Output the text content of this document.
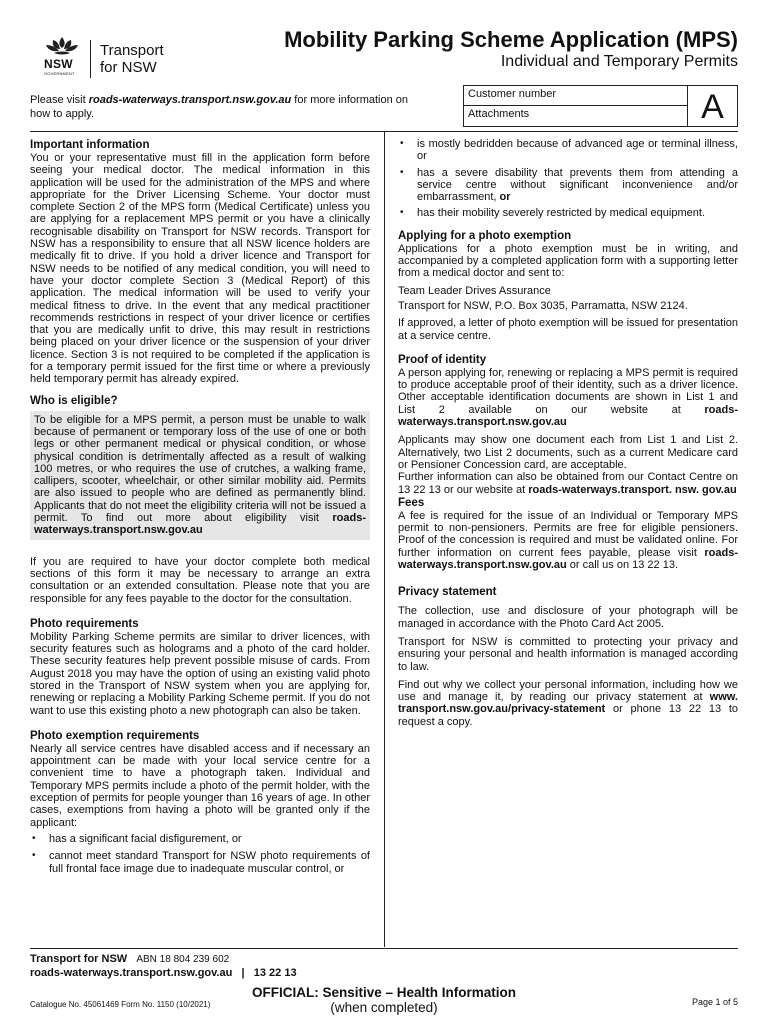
NSW
GOVERNMENT
Transport
for NSW
Mobility Parking Scheme Application (MPS)
Individual and Temporary Permits
Please visit roads-waterways.transport.nsw.gov.au for more information on how to apply.
Customer number
Attachments	A
Important information

You or your representative must fill in the application form before seeing your medical doctor. The medical information in this application will be used for the administration of the MPS and where appropriate for the Driver Licensing Scheme. Your doctor must complete Section 2 of the MPS form (Medical Certificate) unless you are applying for a replacement MPS permit or you have a clinically recognisable disability on Transport for NSW records. Transport for NSW has a responsibility to ensure that all NSW licence holders are medically fit to drive. If you hold a driver licence and Transport for NSW needs to be notified of any medical condition, you will need to have your doctor complete Section 3 (Medical Report) of this application. The medical information will be used to verify your medical fitness to drive. In the event that any medical practitioner recommends restrictions in respect of your driver licence or certifies that you are medically unfit to drive, this may result in restrictions being placed on your driver licence or the suspension of your driver licence. Section 3 is not required to be completed if the application is for a temporary permit issued for the first time or where a previously held temporary permit has already expired.

Who is eligible?
To be eligible for a MPS permit, a person must be unable to walk because of permanent or temporary loss of the use of one or both legs or other permanent medical or physical condition, or whose physical condition is detrimentally affected as a result of walking 100 metres, or who requires the use of crutches, a walking frame, callipers, scooter, wheelchair, or other similar mobility aid. Permits are also issued to people who are defined as permanently blind. Applicants that do not meet the eligibility criteria will not be issued a permit. To find out more about eligibility visit roads-waterways.transport.nsw.gov.au

If you are required to have your doctor complete both medical sections of this form it may be necessary to arrange an extra consultation or an extended consultation. Please note that you are responsible for any fees payable to the doctor for the consultation.

Photo requirements

Mobility Parking Scheme permits are similar to driver licences, with security features such as holograms and a photo of the card holder. These security features help prevent possible misuse of cards. From August 2018 you may have the option of using an existing valid photo stored in the Transport of NSW system when you are applying for, renewing or replacing a Mobility Parking Scheme permit. If you do not want to use this existing photo a new photograph can also be taken.

Photo exemption requirements

Nearly all service centres have disabled access and if necessary an appointment can be made with your local service centre for a convenient time to have a photograph taken. Individual and Temporary MPS permits include a photo of the permit holder, with the exception of permits for people younger than 16 years of age. In other cases, exemptions from having a photo will be granted only if the applicant:

• has a significant facial disfigurement, or
• cannot meet standard Transport for NSW photo requirements of full frontal face image due to inadequate muscular control, or
• is mostly bedridden because of advanced age or terminal illness, or
• has a severe disability that prevents them from attending a service centre without significant inconvenience and/or embarrassment, or
• has their mobility severely restricted by medical equipment.
Applying for a photo exemption

Applications for a photo exemption must be in writing, and accompanied by a completed application form with a supporting letter from a medical doctor and sent to:

Team Leader Drives Assurance

Transport for NSW, P.O. Box 3035, Parramatta, NSW 2124.

If approved, a letter of photo exemption will be issued for presentation at a service centre.

Proof of identity

A person applying for, renewing or replacing a MPS permit is required to produce acceptable proof of their identity, such as a driver licence. Other acceptable identification documents are shown in List 1 and List 2 available on our website at roads-waterways.transport.nsw.gov.au

Applicants may show one document each from List 1 and List 2. Alternatively, two List 2 documents, such as a current Medicare card or Pensioner Concession card, are acceptable.

Further information can also be obtained from our Contact Centre on 13 22 13 or our website at roads-waterways.transport. nsw. gov.au

Fees

A fee is required for the issue of an Individual or Temporary MPS permit to non-pensioners. Permits are free for eligible pensioners. Proof of the concession is required and must be validated online. For further information on current fees payable, please visit roads-waterways.transport.nsw.gov.au or call us on 13 22 13.

Privacy statement

The collection, use and disclosure of your photograph will be managed in accordance with the Photo Card Act 2005.

Transport for NSW is committed to protecting your privacy and ensuring your personal and health information is managed according to law.

Find out why we collect your personal information, including how we use and manage it, by reading our privacy statement at www. transport.nsw.gov.au/privacy-statement or phone 13 22 13 to request a copy.

Transport for NSW ABN 18 804 239 602
roads-waterways.transport.nsw.gov.au | 13 22 13
OFFICIAL: Sensitive – Health Information
(when completed)
Catalogue No. 45061469 Form No. 1150 (10/2021)	Page 1 of 5
